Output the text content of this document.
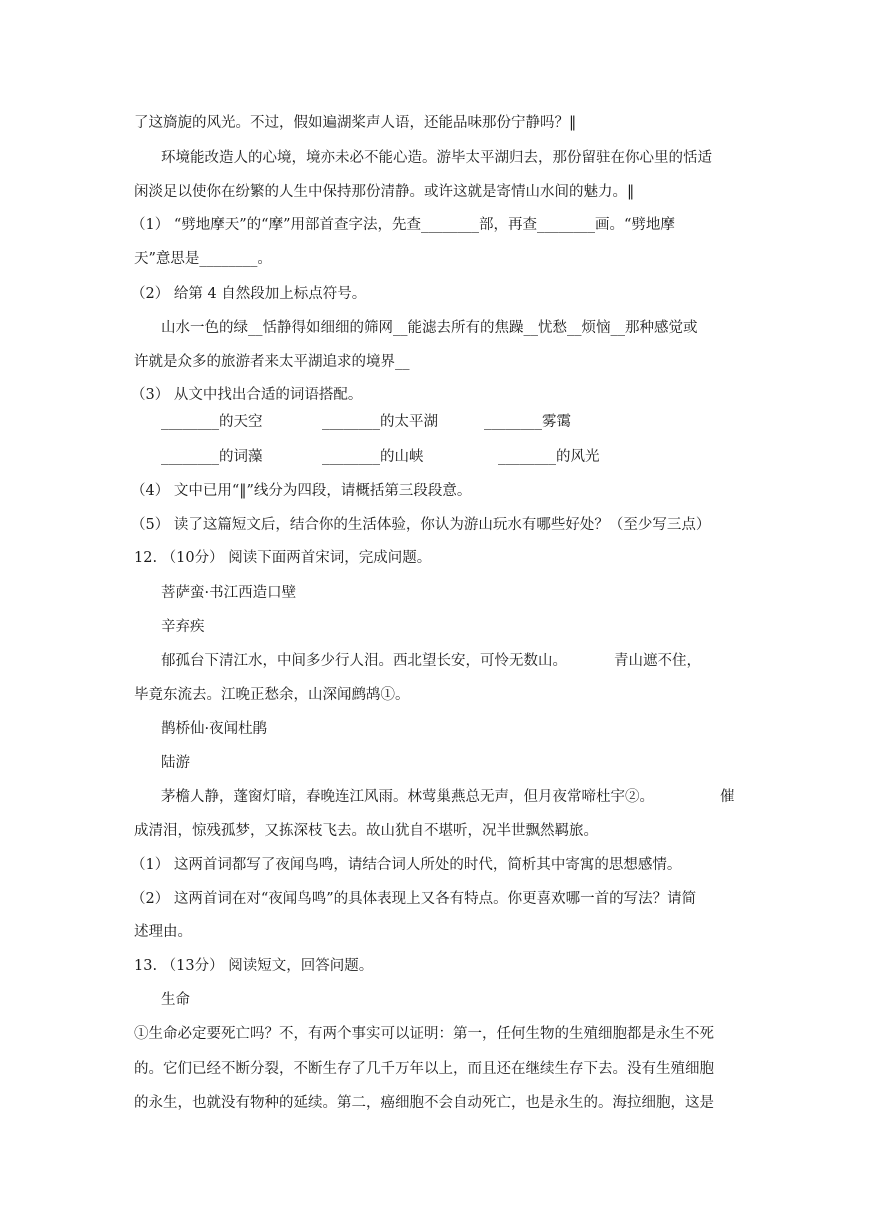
了这旖旎的风光。不过，假如遍湖桨声人语，还能品味那份宁静吗？‖
环境能改造人的心境，境亦未必不能心造。游毕太平湖归去，那份留驻在你心里的恬适
闲淡足以使你在纷繁的人生中保持那份清静。或许这就是寄情山水间的魅力。‖
（1） “劈地摩天”的“摩”用部首查字法，先查________部，再查________画。“劈地摩
天”意思是________。
（2） 给第 4 自然段加上标点符号。
山水一色的绿__恬静得如细细的筛网__能滤去所有的焦躁__忧愁__烦恼__那种感觉或
许就是众多的旅游者来太平湖追求的境界__
（3） 从文中找出合适的词语搭配。
________的天空	________的太平湖	________雾霭
________的词藻	________的山峡	________的风光
（4） 文中已用“‖”线分为四段，请概括第三段段意。
（5） 读了这篇短文后，结合你的生活体验，你认为游山玩水有哪些好处？（至少写三点）
12. （10分） 阅读下面两首宋词，完成问题。
菩萨蛮·书江西造口壁
辛弃疾
郁孤台下清江水，中间多少行人泪。西北望长安，可怜无数山。	青山遮不住，
毕竟东流去。江晚正愁余，山深闻鹧鸪①。
鹊桥仙·夜闻杜鹃
陆游
茅檐人静，蓬窗灯暗，春晚连江风雨。林莺巢燕总无声，但月夜常啼杜宇②。	催
成清泪，惊残孤梦，又拣深枝飞去。故山犹自不堪听，况半世飘然羁旅。
（1） 这两首词都写了夜闻鸟鸣，请结合词人所处的时代，简析其中寄寓的思想感情。
（2） 这两首词在对“夜闻鸟鸣”的具体表现上又各有特点。你更喜欢哪一首的写法？请简
述理由。
13. （13分） 阅读短文，回答问题。
生命
①生命必定要死亡吗？不，有两个事实可以证明：第一，任何生物的生殖细胞都是永生不死
的。它们已经不断分裂，不断生存了几千万年以上，而且还在继续生存下去。没有生殖细胞
的永生，也就没有物种的延续。第二，癌细胞不会自动死亡，也是永生的。海拉细胞，这是
